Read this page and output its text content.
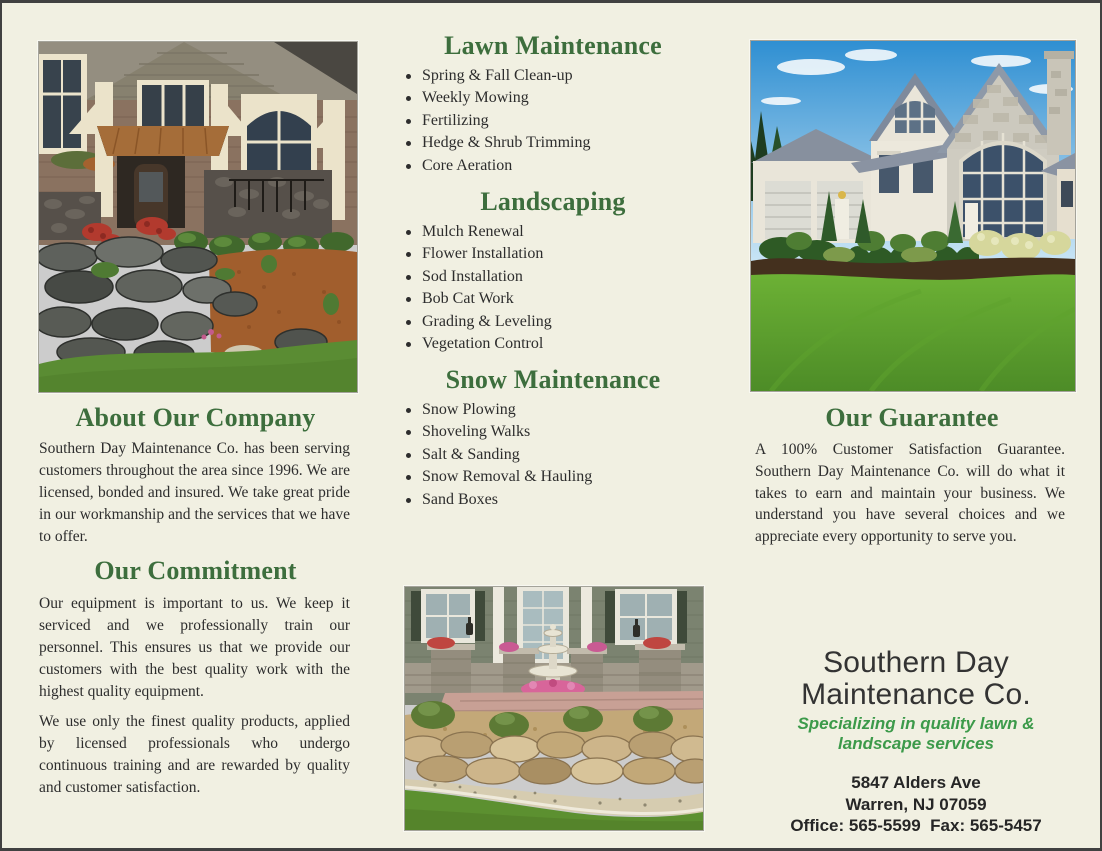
About Our Company

Southern Day Maintenance Co. has been serving customers throughout the area since 1996. We are licensed, bonded and insured. We take great pride in our workmanship and the services that we have to offer.

Our Commitment

Our equipment is important to us. We keep it serviced and we professionally train our personnel. This ensures us that we provide our customers with the best quality work with the highest quality equipment.

We use only the finest quality products, applied by licensed professionals who undergo continuous training and are rewarded by quality and customer satisfaction.

Lawn Maintenance
Spring & Fall Clean-up
Weekly Mowing
Fertilizing
Hedge & Shrub Trimming
Core Aeration
Landscaping
Mulch Renewal
Flower Installation
Sod Installation
Bob Cat Work
Grading & Leveling
Vegetation Control
Snow Maintenance
Snow Plowing
Shoveling Walks
Salt & Sanding
Snow Removal & Hauling
Sand Boxes
Our Guarantee

A 100% Customer Satisfaction Guarantee. Southern Day Maintenance Co. will do what it takes to earn and maintain your business. We understand you have several choices and we appreciate every opportunity to serve you.

Southern Day
Maintenance Co.
Specializing in quality lawn & landscape services
5847 Alders Ave
Warren, NJ 07059
Office: 565-5599  Fax: 565-5457
